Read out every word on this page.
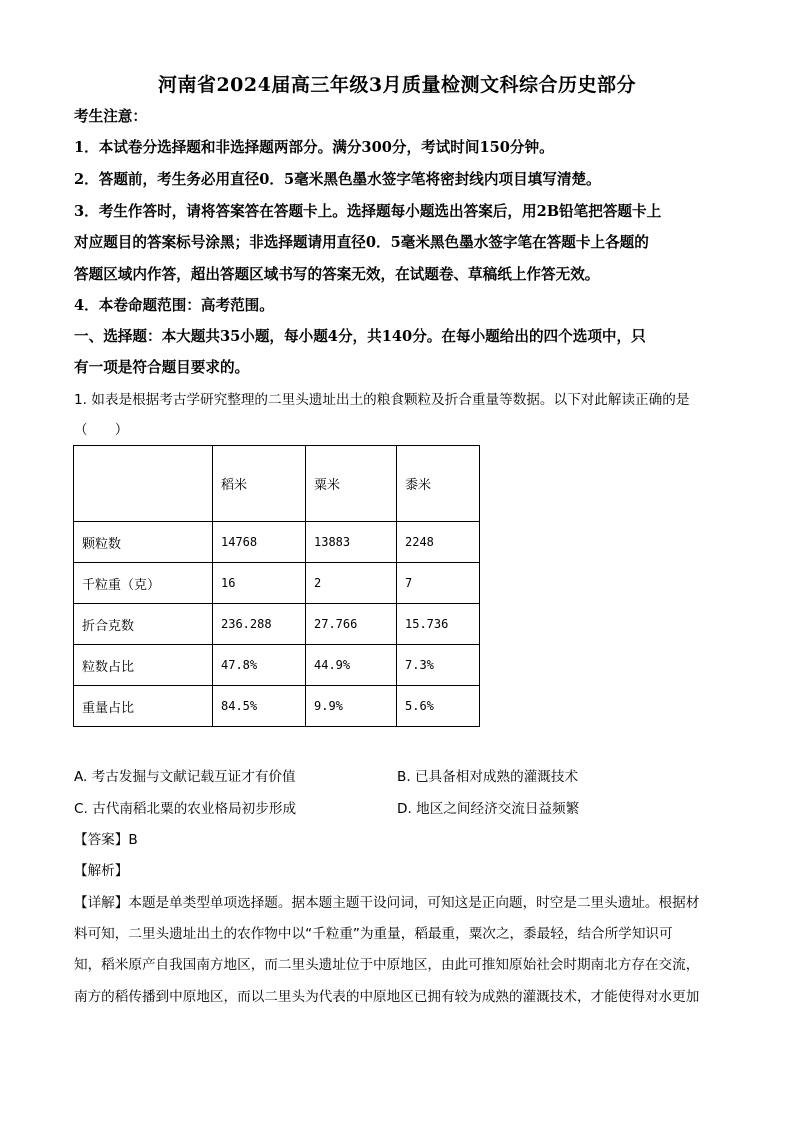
河南省2024届高三年级3月质量检测文科综合历史部分
考生注意：
1．本试卷分选择题和非选择题两部分。满分300分，考试时间150分钟。
2．答题前，考生务必用直径0．5毫米黑色墨水签字笔将密封线内项目填写清楚。
3．考生作答时，请将答案答在答题卡上。选择题每小题选出答案后，用2B铅笔把答题卡上
对应题目的答案标号涂黑；非选择题请用直径0．5毫米黑色墨水签字笔在答题卡上各题的
答题区域内作答，超出答题区域书写的答案无效，在试题卷、草稿纸上作答无效。
4．本卷命题范围：高考范围。
一、选择题：本大题共35小题，每小题4分，共140分。在每小题给出的四个选项中，只
有一项是符合题目要求的。
1. 如表是根据考古学研究整理的二里头遗址出土的粮食颗粒及折合重量等数据。以下对此解读正确的是
（　　）
	稻米	粟米	黍米
颗粒数	14768	13883	2248
千粒重（克）	16	2	7
折合克数	236.288	27.766	15.736
粒数占比	47.8%	44.9%	7.3%
重量占比	84.5%	9.9%	5.6%
A. 考古发掘与文献记载互证才有价值	B. 已具备相对成熟的灌溉技术
C. 古代南稻北粟的农业格局初步形成	D. 地区之间经济交流日益频繁
【答案】B
【解析】
【详解】本题是单类型单项选择题。据本题主题干设问词，可知这是正向题，时空是二里头遗址。根据材
料可知，二里头遗址出土的农作物中以“千粒重”为重量，稻最重，粟次之，黍最轻，结合所学知识可
知，稻米原产自我国南方地区，而二里头遗址位于中原地区，由此可推知原始社会时期南北方存在交流，
南方的稻传播到中原地区，而以二里头为代表的中原地区已拥有较为成熟的灌溉技术，才能使得对水更加
